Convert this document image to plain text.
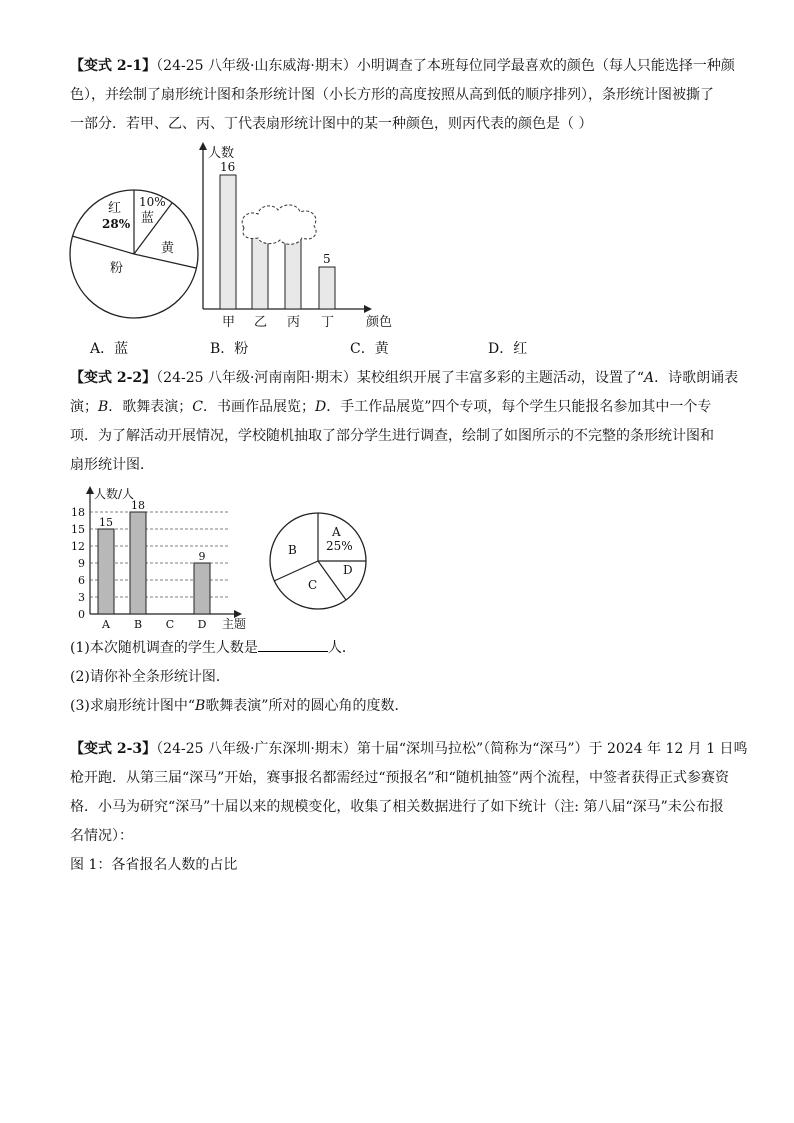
【变式 2-1】（24-25 八年级·山东威海·期末）小明调查了本班每位同学最喜欢的颜色（每人只能选择一种颜
色），并绘制了扇形统计图和条形统计图（小长方形的高度按照从高到低的顺序排列），条形统计图被撕了
一部分．若甲、乙、丙、丁代表扇形统计图中的某一种颜色，则丙代表的颜色是（ ）
红
28%
10%
蓝
黄
粉
人数
颜色
16
5
甲 乙 丙 丁
A．蓝	B．粉	C．黄	D．红
【变式 2-2】（24-25 八年级·河南南阳·期末）某校组织开展了丰富多彩的主题活动，设置了“A．诗歌朗诵表
演；B．歌舞表演；C．书画作品展览；D．手工作品展览”四个专项，每个学生只能报名参加其中一个专
项．为了解活动开展情况，学校随机抽取了部分学生进行调查，绘制了如图所示的不完整的条形统计图和
扇形统计图．
人数/人
主题
0
3
6
9
12
15
18
15
A
18
B C
9
D
A
25%
B
C
D
(1)本次随机调查的学生人数是	人．
(2)请你补全条形统计图．
(3)求扇形统计图中“B歌舞表演”所对的圆心角的度数．
【变式 2-3】（24-25 八年级·广东深圳·期末）第十届“深圳马拉松”（简称为“深马”）于 2024 年 12 月 1 日鸣
枪开跑．从第三届“深马”开始，赛事报名都需经过“预报名”和“随机抽签”两个流程，中签者获得正式参赛资
格．小马为研究“深马”十届以来的规模变化，收集了相关数据进行了如下统计（注: 第八届“深马”未公布报
名情况）：
图 1：各省报名人数的占比
